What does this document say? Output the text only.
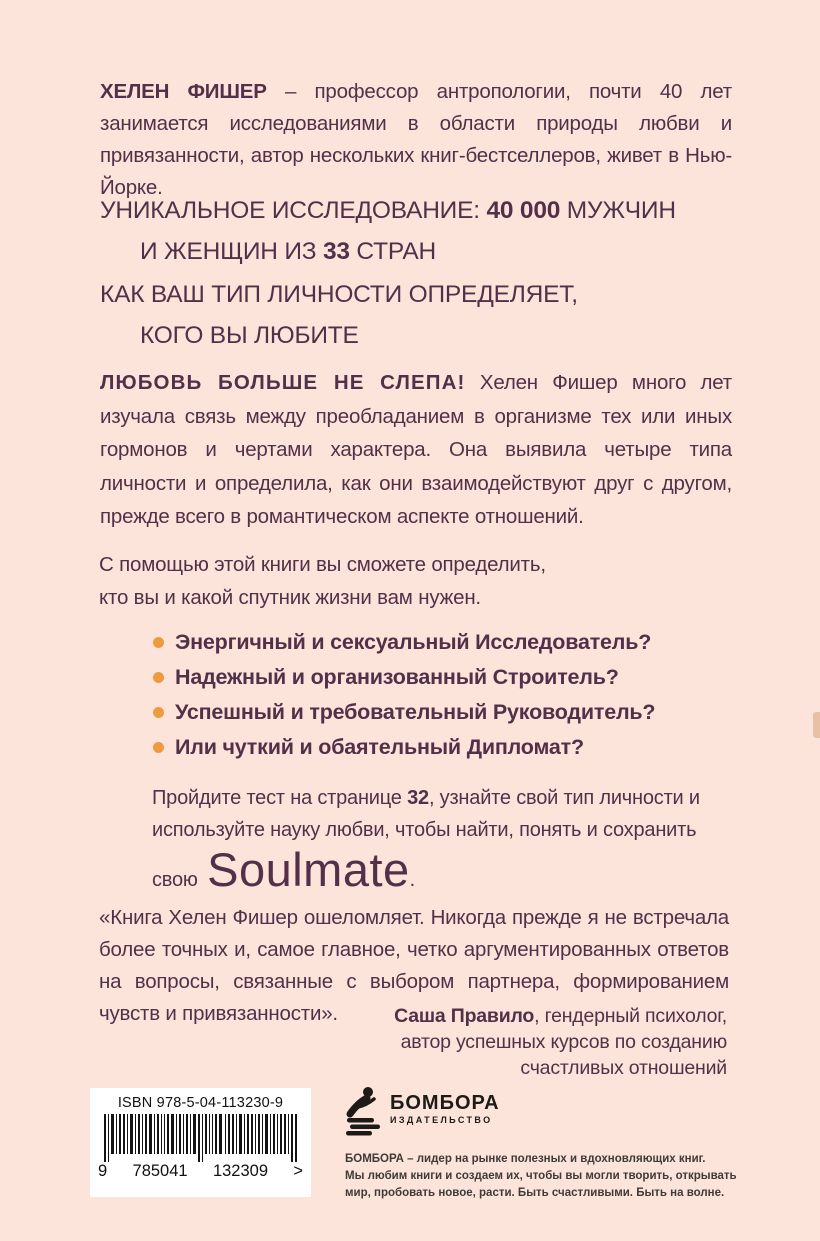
ХЕЛЕН ФИШЕР – профессор антропологии, почти 40 лет занимается исследованиями в области природы любви и привязанности, автор нескольких книг-бестселлеров, живет в Нью-Йорке.

УНИКАЛЬНОЕ ИССЛЕДОВАНИЕ: 40 000 МУЖЧИН
И ЖЕНЩИН ИЗ 33 СТРАН
КАК ВАШ ТИП ЛИЧНОСТИ ОПРЕДЕЛЯЕТ,
КОГО ВЫ ЛЮБИТЕ

ЛЮБОВЬ БОЛЬШЕ НЕ СЛЕПА! Хелен Фишер много лет изучала связь между преобладанием в организме тех или иных гормонов и чертами характера. Она выявила четыре типа личности и определила, как они взаимодействуют друг с другом, прежде всего в романтическом аспекте отношений.

С помощью этой книги вы сможете определить,
кто вы и какой спутник жизни вам нужен.

Энергичный и сексуальный Исследователь?
Надежный и организованный Строитель?
Успешный и требовательный Руководитель?
Или чуткий и обаятельный Дипломат?

Пройдите тест на странице 32, узнайте свой тип личности и используйте науку любви, чтобы найти, понять и сохранить свою Soulmate.

«Книга Хелен Фишер ошеломляет. Никогда прежде я не встречала более точных и, самое главное, четко аргументированных ответов на вопросы, связанные с выбором партнера, формированием чувств и привязанности».	Саша Правило, гендерный психолог,
автор успешных курсов по созданию
счастливых отношений
ISBN 978-5-04-113230-9
9 785041 132309 >
БОМБОРА
ИЗДАТЕЛЬСТВО
БОМБОРА – лидер на рынке полезных и вдохновляющих книг.
Мы любим книги и создаем их, чтобы вы могли творить, открывать
мир, пробовать новое, расти. Быть счастливыми. Быть на волне.
